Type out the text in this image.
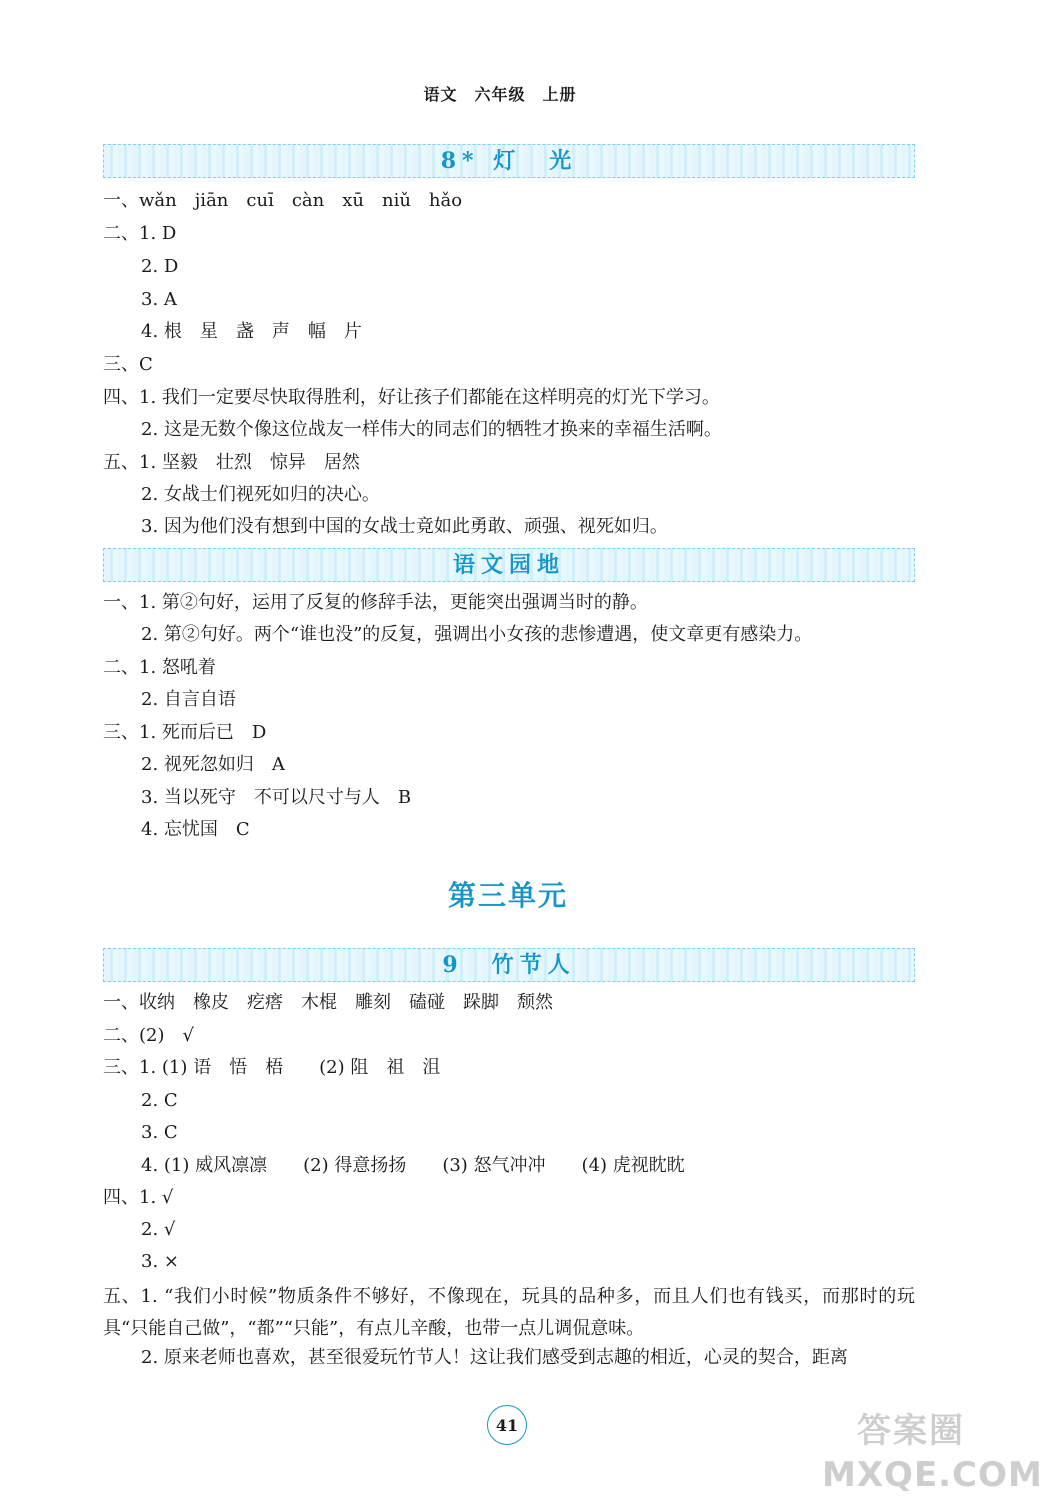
语文　六年级　上册
8* 灯　光
一、wǎn　jiān　cuī　càn　xū　niǔ　hǎo
二、1. D
2. D
3. A
4. 根　星　盏　声　幅　片
三、C
四、1. 我们一定要尽快取得胜利，好让孩子们都能在这样明亮的灯光下学习。
2. 这是无数个像这位战友一样伟大的同志们的牺牲才换来的幸福生活啊。
五、1. 坚毅　壮烈　惊异　居然
2. 女战士们视死如归的决心。
3. 因为他们没有想到中国的女战士竟如此勇敢、顽强、视死如归。
语文园地
一、1. 第②句好，运用了反复的修辞手法，更能突出强调当时的静。
2. 第②句好。两个“谁也没”的反复，强调出小女孩的悲惨遭遇，使文章更有感染力。
二、1. 怒吼着
2. 自言自语
三、1. 死而后已　D
2. 视死忽如归　A
3. 当以死守　不可以尺寸与人　B
4. 忘忧国　C
第三单元
9　竹节人
一、收纳　橡皮　疙瘩　木棍　雕刻　磕碰　跺脚　颓然
二、(2)　√
三、1. (1) 语　悟　梧　　(2) 阻　祖　沮
2. C
3. C
4. (1) 威风凛凛　　(2) 得意扬扬　　(3) 怒气冲冲　　(4) 虎视眈眈
四、1. √
2. √
3. ×
五、1. “我们小时候”物质条件不够好，不像现在，玩具的品种多，而且人们也有钱买，而那时的玩具“只能自己做”，“都”“只能”，有点儿辛酸，也带一点儿调侃意味。
2. 原来老师也喜欢，甚至很爱玩竹节人！这让我们感受到志趣的相近，心灵的契合，距离
41	答案圈
MXQE.COM
